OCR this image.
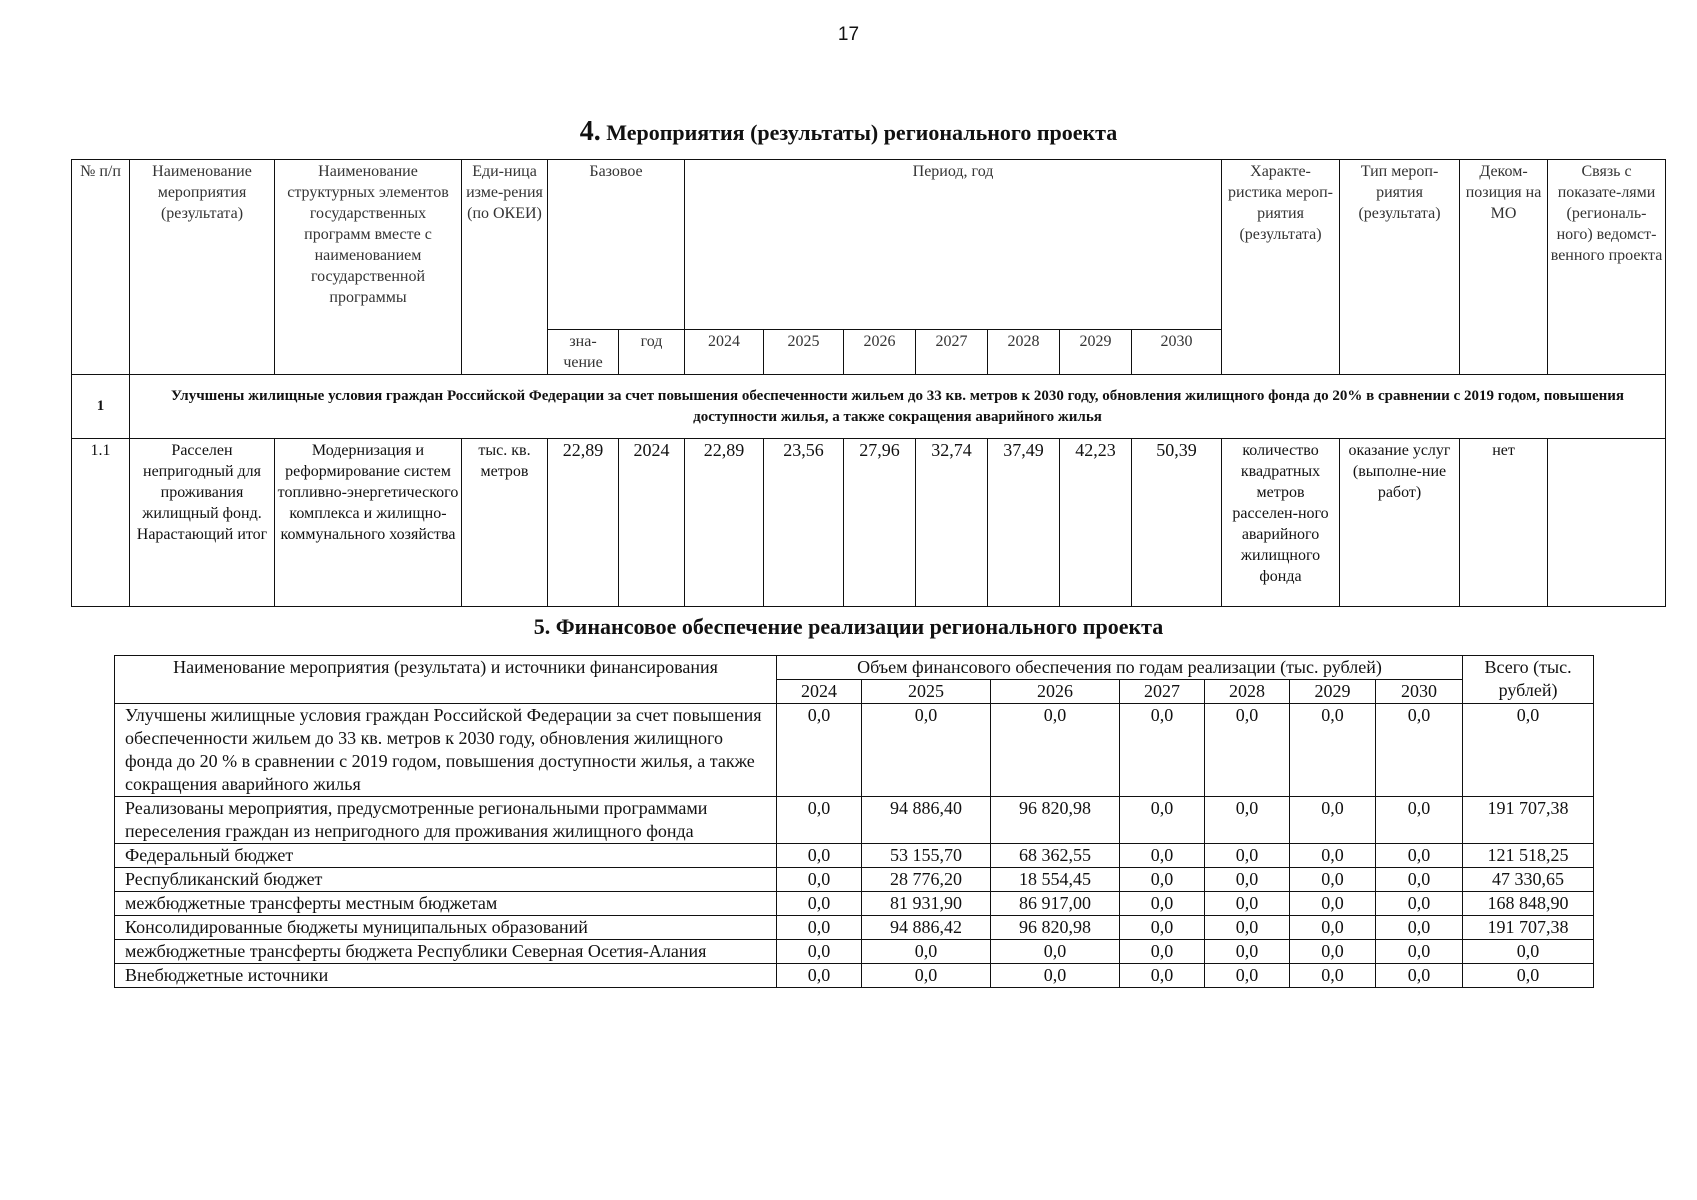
17
4. Мероприятия (результаты) регионального проекта
№ п/п	Наименование мероприятия (результата)	Наименование структурных элементов государственных программ вместе с наименованием государственной программы	Еди-ница изме-рения (по ОКЕИ)	Базовое		Период, год							Характе-ристика мероп-риятия (результата)	Тип мероп-риятия (результата)	Деком-позиция на МО	Связь с показате-лями (региональ-ного) ведомст-венного проекта
				зна-чение	год	2024	2025	2026	2027	2028	2029	2030				
1	Улучшены жилищные условия граждан Российской Федерации за счет повышения обеспеченности жильем до 33 кв. метров к 2030 году, обновления жилищного фонда до 20% в сравнении с 2019 годом, повышения доступности жилья, а также сокращения аварийного жилья															
1.1	Расселен непригодный для проживания жилищный фонд. Нарастающий итог	Модернизация и реформирование систем топливно-энергетического комплекса и жилищно-коммунального хозяйства	тыс. кв. метров	22,89	2024	22,89	23,56	27,96	32,74	37,49	42,23	50,39	количество квадратных метров расселен-ного аварийного жилищного фонда	оказание услуг (выполне-ние работ)	нет	
5. Финансовое обеспечение реализации регионального проекта
Наименование мероприятия (результата) и источники финансирования	Объем финансового обеспечения по годам реализации (тыс. рублей)							Всего (тыс. рублей)
	2024	2025	2026	2027	2028	2029	2030	
Улучшены жилищные условия граждан Российской Федерации за счет повышения обеспеченности жильем до 33 кв. метров к 2030 году, обновления жилищного фонда до 20 % в сравнении с 2019 годом, повышения доступности жилья, а также сокращения аварийного жилья	0,0	0,0	0,0	0,0	0,0	0,0	0,0	0,0
Реализованы мероприятия, предусмотренные региональными программами переселения граждан из непригодного для проживания жилищного фонда	0,0	94 886,40	96 820,98	0,0	0,0	0,0	0,0	191 707,38
Федеральный бюджет	0,0	53 155,70	68 362,55	0,0	0,0	0,0	0,0	121 518,25
Республиканский бюджет	0,0	28 776,20	18 554,45	0,0	0,0	0,0	0,0	47 330,65
межбюджетные трансферты местным бюджетам	0,0	81 931,90	86 917,00	0,0	0,0	0,0	0,0	168 848,90
Консолидированные бюджеты муниципальных образований	0,0	94 886,42	96 820,98	0,0	0,0	0,0	0,0	191 707,38
межбюджетные трансферты бюджета Республики Северная Осетия-Алания	0,0	0,0	0,0	0,0	0,0	0,0	0,0	0,0
Внебюджетные источники	0,0	0,0	0,0	0,0	0,0	0,0	0,0	0,0
